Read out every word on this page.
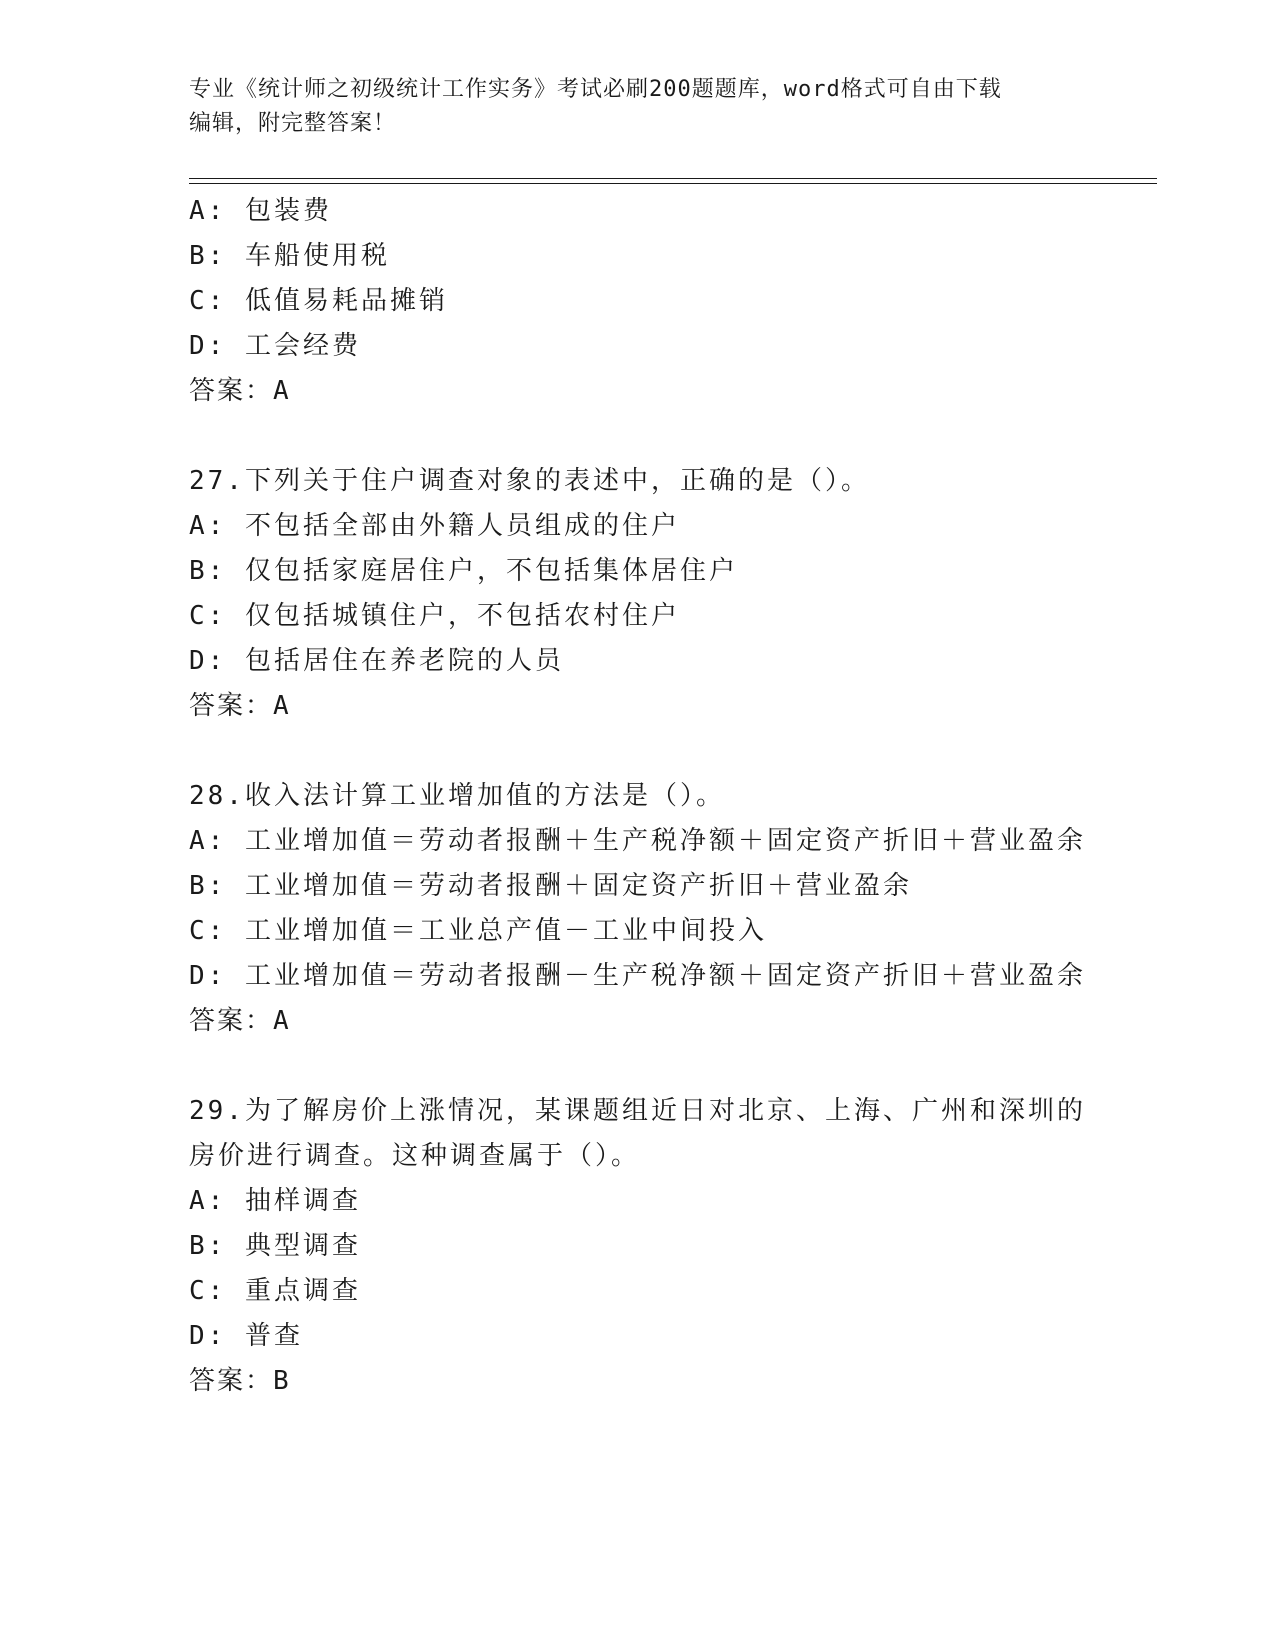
专业《统计师之初级统计工作实务》考试必刷200题题库，word格式可自由下载
编辑，附完整答案！
A: 包装费
B: 车船使用税
C: 低值易耗品摊销
D: 工会经费
答案：A
27.下列关于住户调查对象的表述中，正确的是（）。
A: 不包括全部由外籍人员组成的住户
B: 仅包括家庭居住户，不包括集体居住户
C: 仅包括城镇住户，不包括农村住户
D: 包括居住在养老院的人员
答案：A
28.收入法计算工业增加值的方法是（）。
A: 工业增加值＝劳动者报酬＋生产税净额＋固定资产折旧＋营业盈余
B: 工业增加值＝劳动者报酬＋固定资产折旧＋营业盈余
C: 工业增加值＝工业总产值－工业中间投入
D: 工业增加值＝劳动者报酬－生产税净额＋固定资产折旧＋营业盈余
答案：A
29.为了解房价上涨情况，某课题组近日对北京、上海、广州和深圳的
房价进行调查。这种调查属于（）。
A: 抽样调查
B: 典型调查
C: 重点调查
D: 普查
答案：B
